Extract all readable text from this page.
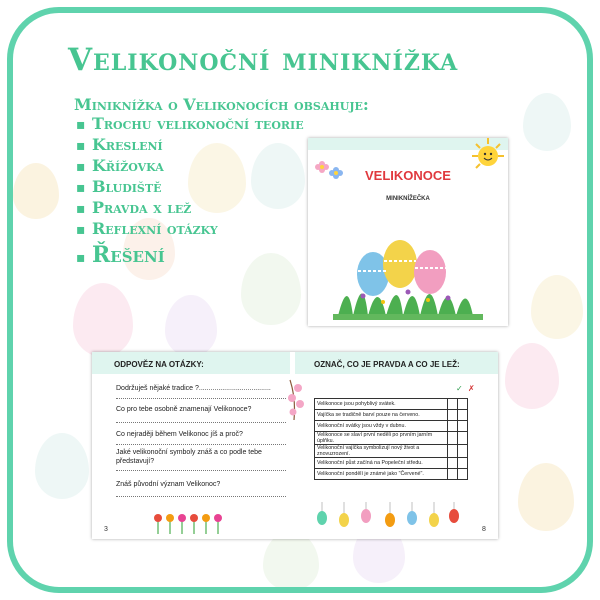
Velikonoční miniknížka
Miniknížka o Velikonocích obsahuje:
▪ Trochu velikonoční teorie
▪ Kreslení
▪ Křížovka
▪ Bludiště
▪ Pravda x lež
▪ Reflexní otázky
▪ Řešení
VELIKONOCE
MINIKNÍŽEČKA
ODPOVĚZ NA OTÁZKY:	OZNAČ, CO JE PRAVDA A CO JE LEŽ:
Dodržuješ nějaké tradice ?.....................................
Co pro tebe osobně znamenají Velikonoce?
Co nejraději během Velikonoc jíš a proč?
Jaké velikonoční symboly znáš a co podle tebe představují?
Znáš původní význam Velikonoc?
✓ ✗
Velikonoce jsou pohyblivý svátek.		
Vajíčka se tradičně barví pouze na červeno.		
Velikonoční svátky jsou vždy v dubnu.		
Velikonoce se slaví první neděli po prvním jarním úplňku.		
Velikonoční vajíčka symbolizují nový život a znovuzrození.		
Velikonoční půst začíná na Popeleční středu.		
Velikonoční pondělí je známé jako "Červené".		
3	8
